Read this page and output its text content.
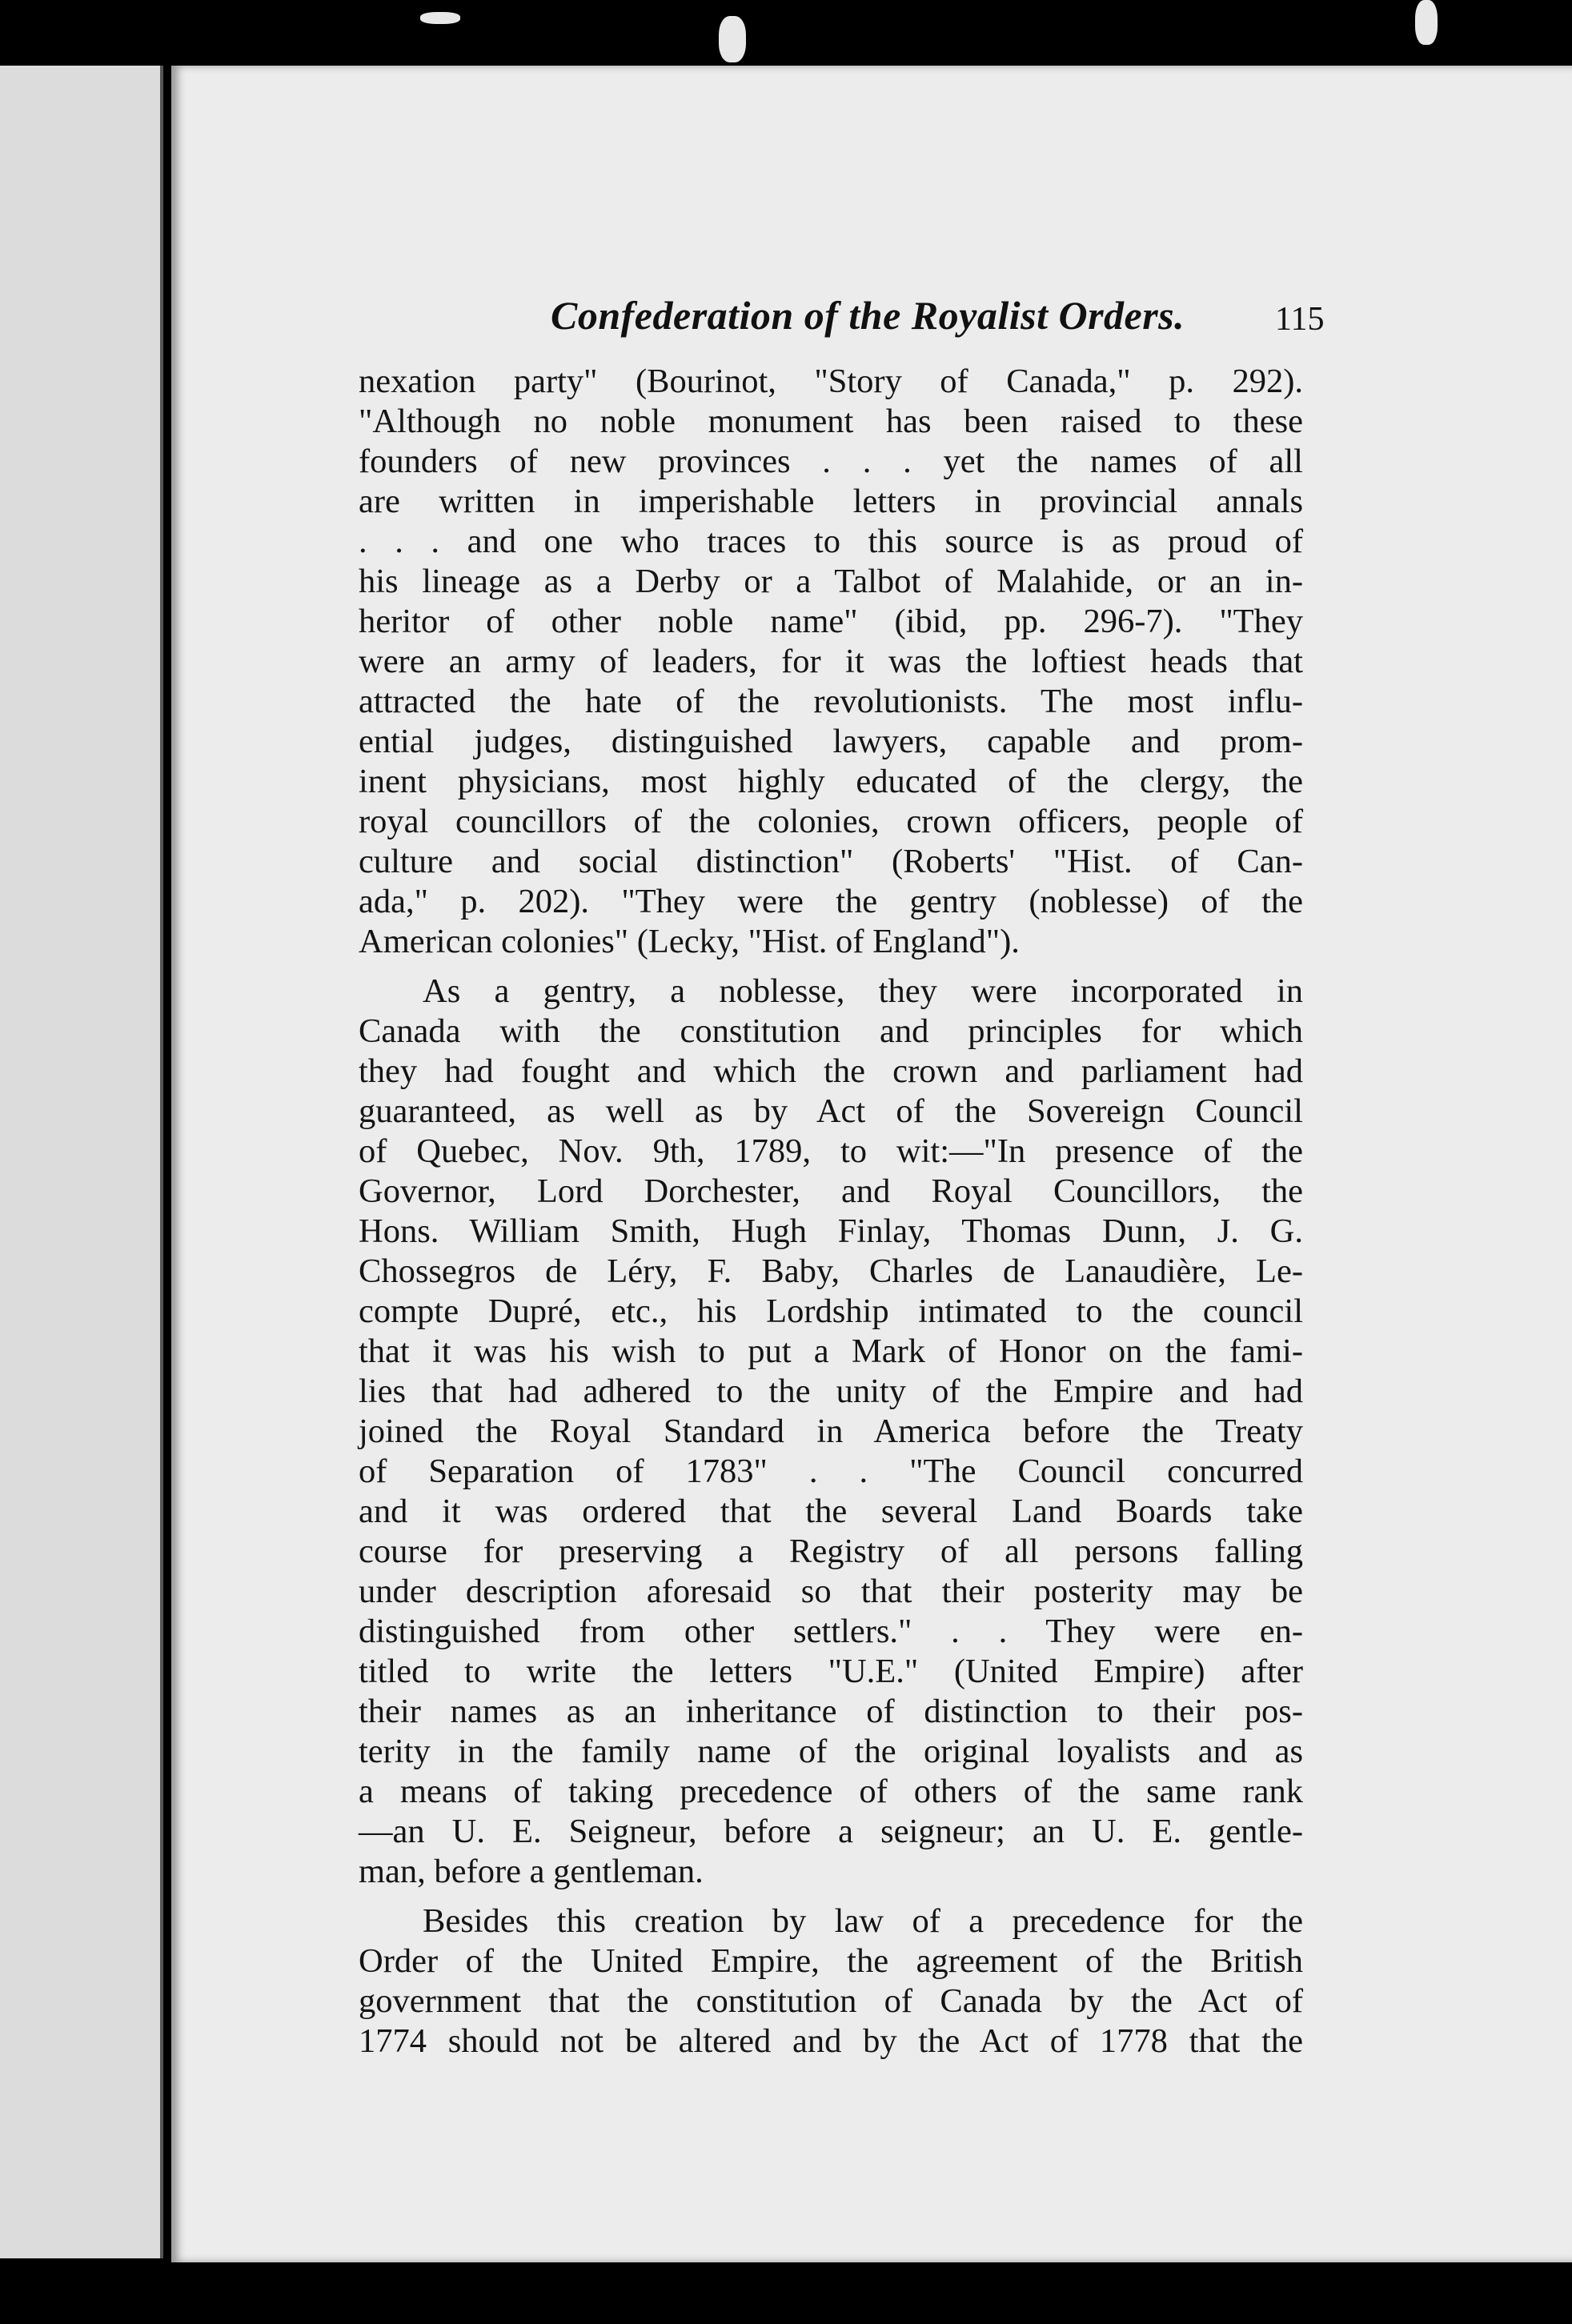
Confederation of the Royalist Orders.	115

nexation party" (Bourinot, "Story of Canada," p. 292).
"Although no noble monument has been raised to these
founders of new provinces . . . yet the names of all
are written in imperishable letters in provincial annals
. . . and one who traces to this source is as proud of
his lineage as a Derby or a Talbot of Malahide, or an in-
heritor of other noble name" (ibid, pp. 296-7). "They
were an army of leaders, for it was the loftiest heads that
attracted the hate of the revolutionists. The most influ-
ential judges, distinguished lawyers, capable and prom-
inent physicians, most highly educated of the clergy, the
royal councillors of the colonies, crown officers, people of
culture and social distinction" (Roberts' "Hist. of Can-
ada," p. 202). "They were the gentry (noblesse) of the
American colonies" (Lecky, "Hist. of England").

As a gentry, a noblesse, they were incorporated in
Canada with the constitution and principles for which
they had fought and which the crown and parliament had
guaranteed, as well as by Act of the Sovereign Council
of Quebec, Nov. 9th, 1789, to wit:—"In presence of the
Governor, Lord Dorchester, and Royal Councillors, the
Hons. William Smith, Hugh Finlay, Thomas Dunn, J. G.
Chossegros de Léry, F. Baby, Charles de Lanaudière, Le-
compte Dupré, etc., his Lordship intimated to the council
that it was his wish to put a Mark of Honor on the fami-
lies that had adhered to the unity of the Empire and had
joined the Royal Standard in America before the Treaty
of Separation of 1783" . . "The Council concurred
and it was ordered that the several Land Boards take
course for preserving a Registry of all persons falling
under description aforesaid so that their posterity may be
distinguished from other settlers." . . They were en-
titled to write the letters "U.E." (United Empire) after
their names as an inheritance of distinction to their pos-
terity in the family name of the original loyalists and as
a means of taking precedence of others of the same rank
—an U. E. Seigneur, before a seigneur; an U. E. gentle-
man, before a gentleman.

Besides this creation by law of a precedence for the
Order of the United Empire, the agreement of the British
government that the constitution of Canada by the Act of
1774 should not be altered and by the Act of 1778 that the
